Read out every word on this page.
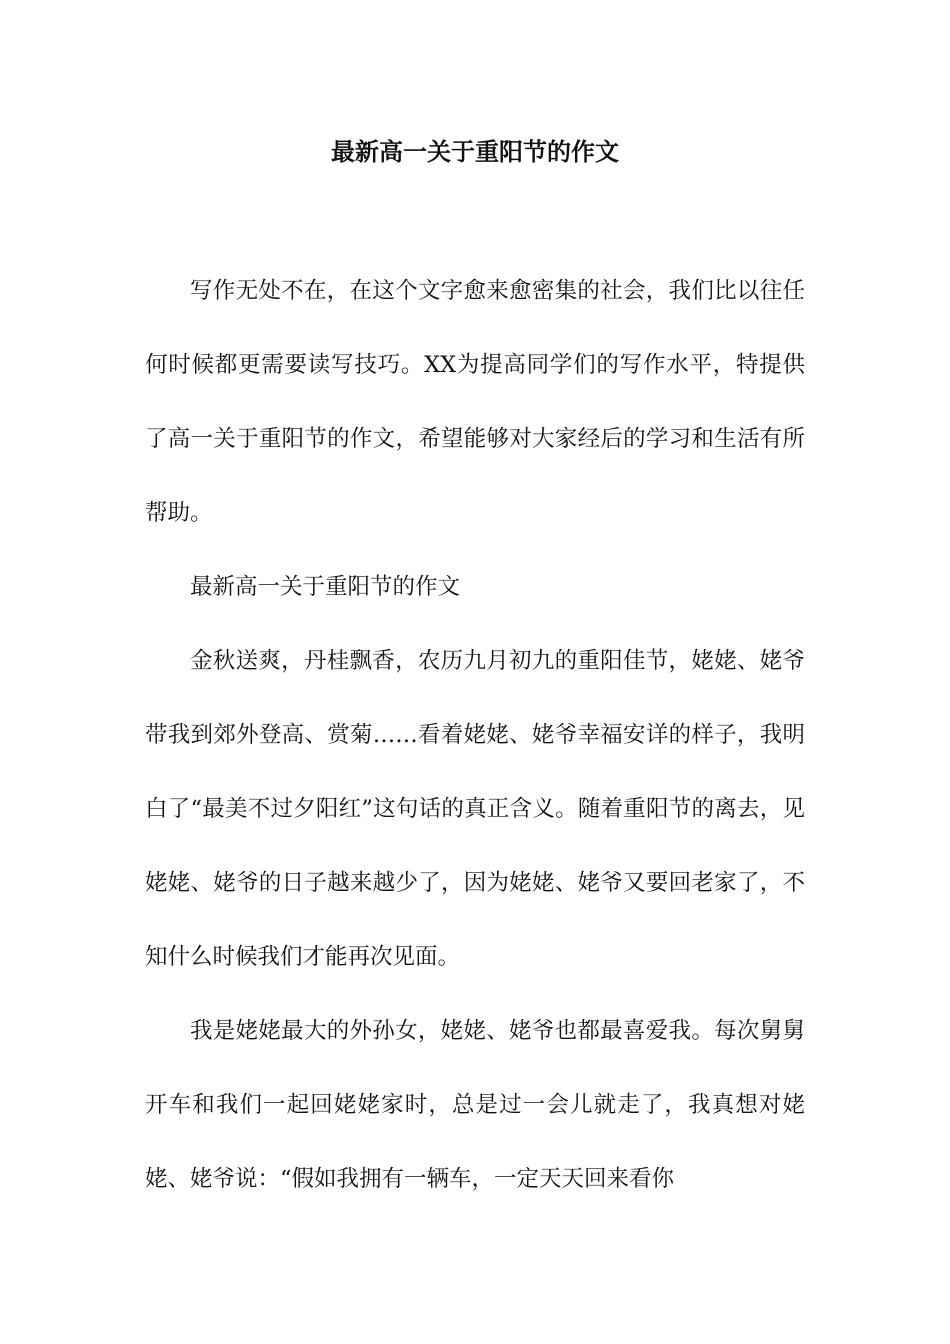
最新高一关于重阳节的作文

写作无处不在，在这个文字愈来愈密集的社会，我们比以往任何时候都更需要读写技巧。XX为提高同学们的写作水平，特提供了高一关于重阳节的作文，希望能够对大家经后的学习和生活有所帮助。

最新高一关于重阳节的作文

金秋送爽，丹桂飘香，农历九月初九的重阳佳节，姥姥、姥爷带我到郊外登高、赏菊……看着姥姥、姥爷幸福安详的样子，我明白了“最美不过夕阳红”这句话的真正含义。随着重阳节的离去，见姥姥、姥爷的日子越来越少了，因为姥姥、姥爷又要回老家了，不知什么时候我们才能再次见面。

我是姥姥最大的外孙女，姥姥、姥爷也都最喜爱我。每次舅舅开车和我们一起回姥姥家时，总是过一会儿就走了，我真想对姥姥、姥爷说：“假如我拥有一辆车，一定天天回来看你
